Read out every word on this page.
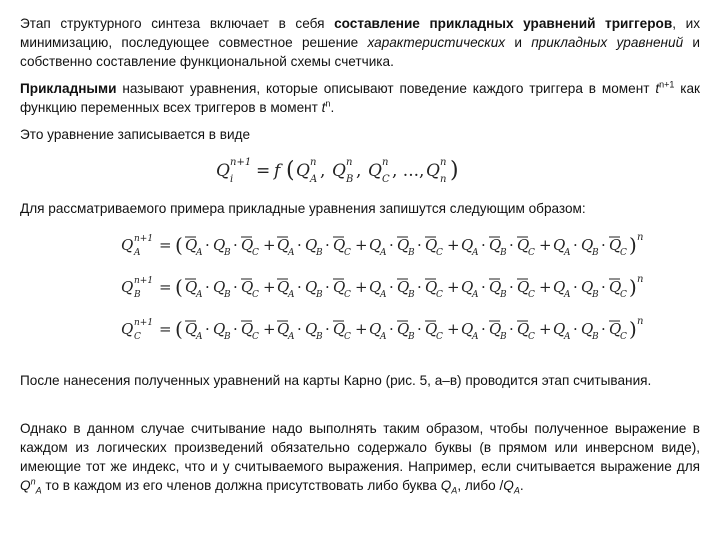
Этап структурного синтеза включает в себя составление прикладных уравнений триггеров, их минимизацию, последующее совместное решение характеристических и прикладных уравнений и собственно составление функциональной схемы счетчика.
Прикладными называют уравнения, которые описывают поведение каждого триггера в момент $t^{n+1}$ как функцию переменных всех триггеров в момент $t^n$.
Это уравнение записывается в виде
Q i
n+1 = f ( Q A
n , Q B
n , Q C
n , ..., Q n
n )
Для рассматриваемого примера прикладные уравнения запишутся следующим образом:
Q A
n+1 = ( Q
A · Q
B · Q
C + Q
A · Q
B · Q
C + Q
A · Q
B · Q
C + Q
A · Q
B · Q
C + Q
A · Q
B · Q
C ) n
Q B
n+1 = ( Q
A · Q
B · Q
C + Q
A · Q
B · Q
C + Q
A · Q
B · Q
C + Q
A · Q
B · Q
C + Q
A · Q
B · Q
C ) n
Q C
n+1 = ( Q
A · Q
B · Q
C + Q
A · Q
B · Q
C + Q
A · Q
B · Q
C + Q
A · Q
B · Q
C + Q
A · Q
B · Q
C ) n
После нанесения полученных уравнений на карты Карно (рис. 5, а–в) проводится этап считывания.
Однако в данном случае считывание надо выполнять таким образом, чтобы полученное выражение в каждом из логических произведений обязательно содержало буквы (в прямом или инверсном виде), имеющие тот же индекс, что и у считываемого выражения. Например, если считывается выражение для $Q^n_A$ то в каждом из его членов должна присутствовать либо буква $Q_A$, либо $/Q_A$.
